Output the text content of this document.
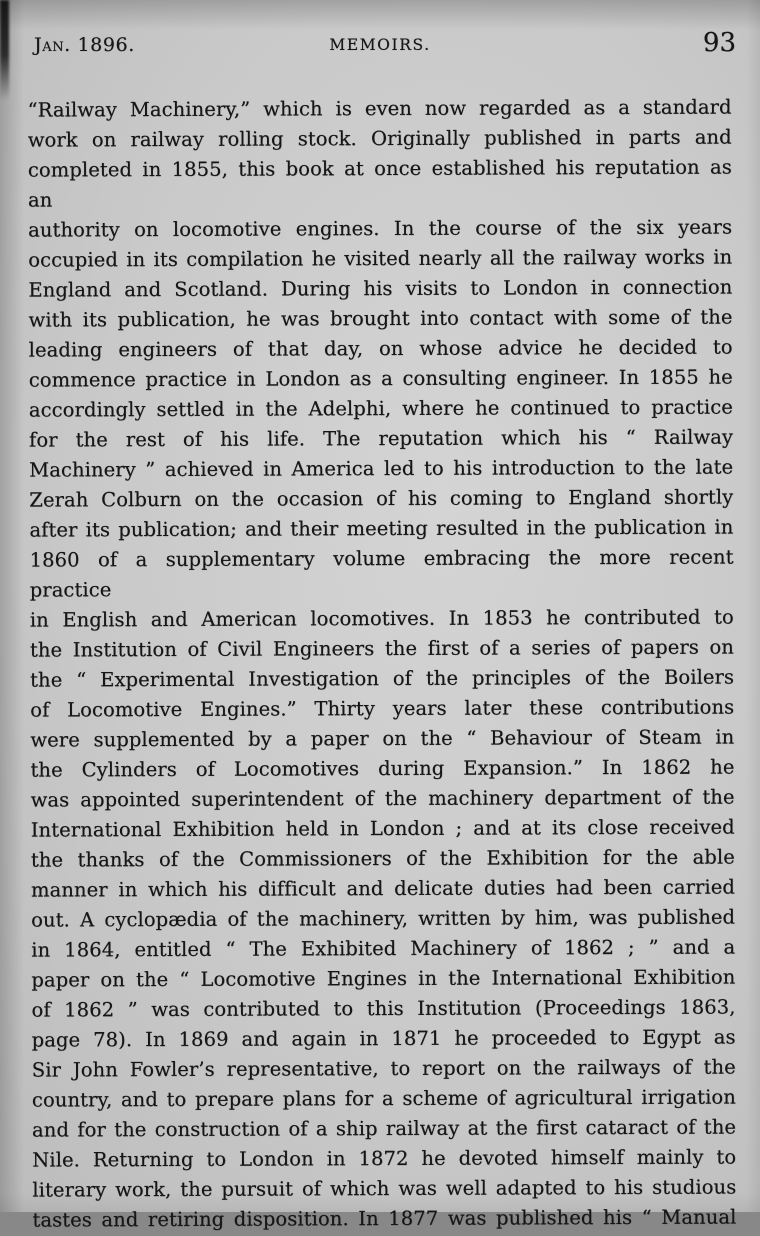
Jan. 1896.	MEMOIRS.	93
“Railway Machinery,” which is even now regarded as a standard
work on railway rolling stock. Originally published in parts and
completed in 1855, this book at once established his reputation as an
authority on locomotive engines. In the course of the six years
occupied in its compilation he visited nearly all the railway works in
England and Scotland. During his visits to London in connection
with its publication, he was brought into contact with some of the
leading engineers of that day, on whose advice he decided to
commence practice in London as a consulting engineer. In 1855 he
accordingly settled in the Adelphi, where he continued to practice
for the rest of his life. The reputation which his “ Railway
Machinery ” achieved in America led to his introduction to the late
Zerah Colburn on the occasion of his coming to England shortly
after its publication; and their meeting resulted in the publication in
1860 of a supplementary volume embracing the more recent practice
in English and American locomotives. In 1853 he contributed to
the Institution of Civil Engineers the first of a series of papers on
the “ Experimental Investigation of the principles of the Boilers
of Locomotive Engines.” Thirty years later these contributions
were supplemented by a paper on the “ Behaviour of Steam in
the Cylinders of Locomotives during Expansion.” In 1862 he
was appointed superintendent of the machinery department of the
International Exhibition held in London ; and at its close received
the thanks of the Commissioners of the Exhibition for the able
manner in which his difficult and delicate duties had been carried
out. A cyclopædia of the machinery, written by him, was published
in 1864, entitled “ The Exhibited Machinery of 1862 ; ” and a
paper on the “ Locomotive Engines in the International Exhibition
of 1862 ” was contributed to this Institution (Proceedings 1863,
page 78). In 1869 and again in 1871 he proceeded to Egypt as
Sir John Fowler’s representative, to report on the railways of the
country, and to prepare plans for a scheme of agricultural irrigation
and for the construction of a ship railway at the first cataract of the
Nile. Returning to London in 1872 he devoted himself mainly to
literary work, the pursuit of which was well adapted to his studious
tastes and retiring disposition. In 1877 was published his “ Manual
